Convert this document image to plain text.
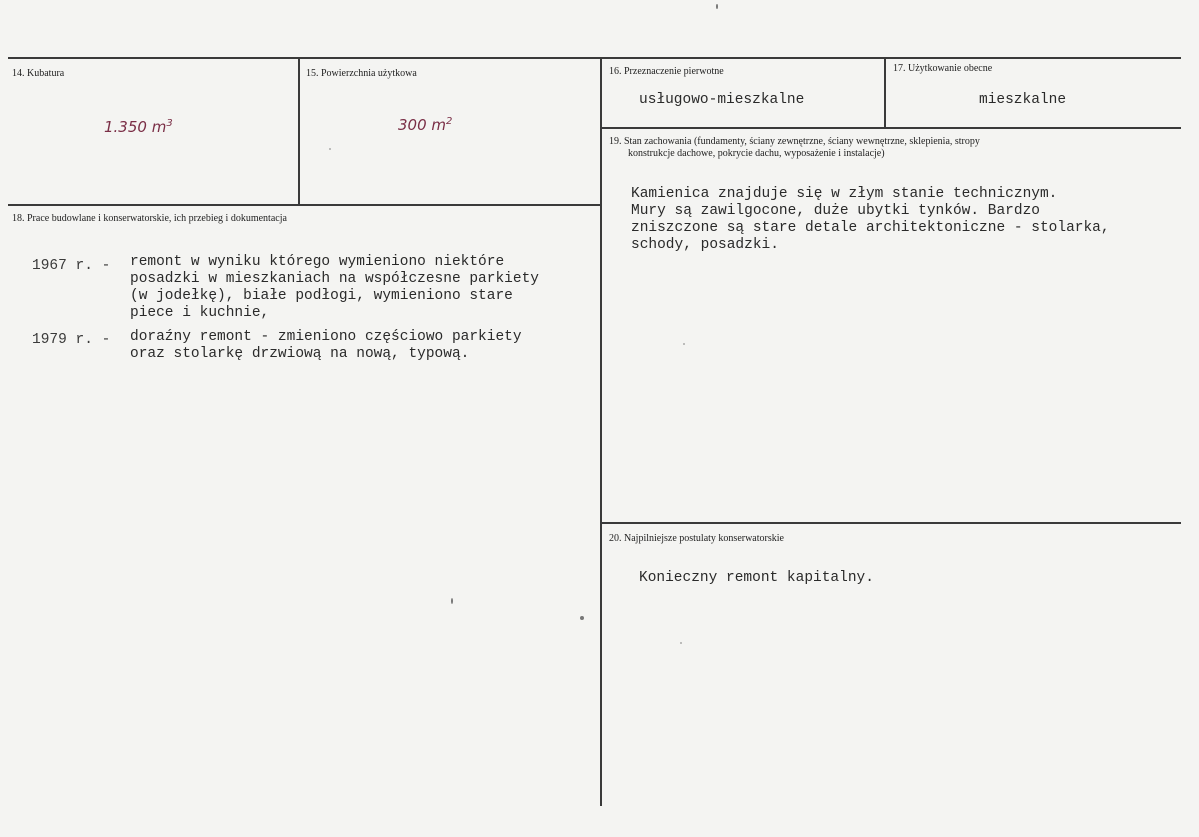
14. Kubatura
1.350 $m^3$
15. Powierzchnia użytkowa
300 $m^2$
16. Przeznaczenie pierwotne
usługowo-mieszkalne
17. Użytkowanie obecne
mieszkalne
18. Prace budowlane i konserwatorskie, ich przebieg i dokumentacja
1967 r. - remont w wyniku którego wymieniono niektóre
posadzki w mieszkaniach na współczesne parkiety
(w jodełkę), białe podłogi, wymieniono stare
piece i kuchnie,
1979 r. - doraźny remont - zmieniono częściowo parkiety
oraz stolarkę drzwiową na nową, typową.
19. Stan zachowania (fundamenty, ściany zewnętrzne, ściany wewnętrzne, sklepienia, stropy
konstrukcje dachowe, pokrycie dachu, wyposażenie i instalacje)
Kamienica znajduje się w złym stanie technicznym.
Mury są zawilgocone, duże ubytki tynków. Bardzo
zniszczone są stare detale architektoniczne - stolarka,
schody, posadzki.
20. Najpilniejsze postulaty konserwatorskie
Konieczny remont kapitalny.
